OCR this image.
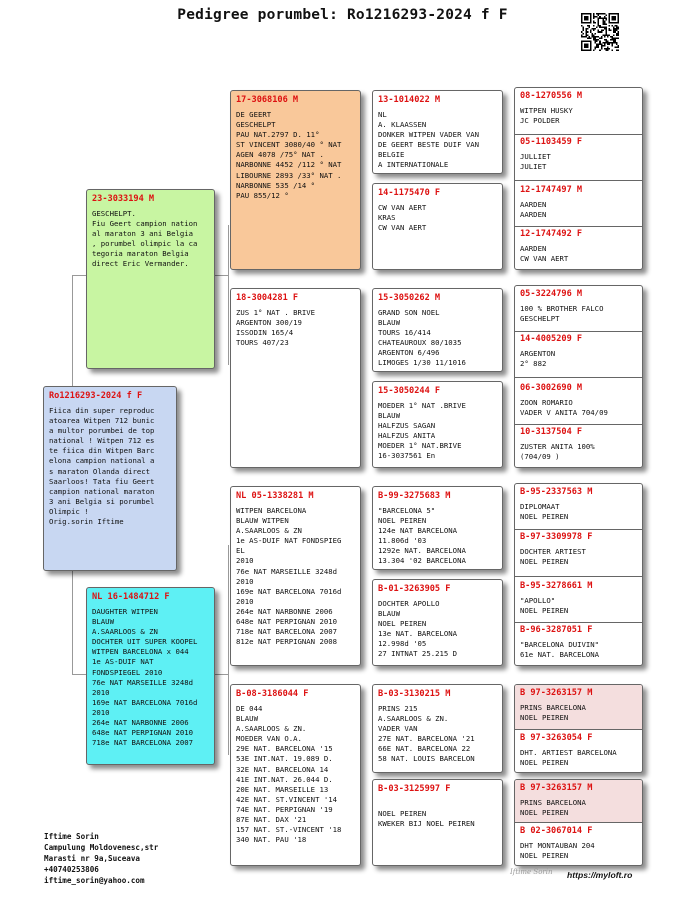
Pedigree porumbel: Ro1216293-2024 f F
Ro1216293-2024 f F
Fiica din super reproduc
atoarea Witpen 712 bunic
a multor porumbei de top
national ! Witpen 712 es
te fiica din Witpen Barc
elona campion national a
s maraton Olanda direct
Saarloos! Tata fiu Geert
campion national maraton
3 ani Belgia si porumbel
Olimpic !
Orig.sorin Iftime
23-3033194 M
GESCHELPT.
Fiu Geert campion nation
al maraton 3 ani Belgia
, porumbel olimpic la ca
tegoria maraton Belgia
direct Eric Vermander.
NL 16-1484712 F
DAUGHTER WITPEN
BLAUW
A.SAARLOOS & ZN
DOCHTER UIT SUPER KOOPEL
WITPEN BARCELONA x 044
1e AS-DUIF NAT
FONDSPIEGEL 2010
76e NAT MARSEILLE 3248d
2010
169e NAT BARCELONA 7016d
2010
264e NAT NARBONNE 2006
648e NAT PERPIGNAN 2010
718e NAT BARCELONA 2007
17-3068106 M
DE GEERT
GESCHELPT
PAU NAT.2797 D. 11°
ST VINCENT 3080/40 ° NAT
AGEN 4078 /75° NAT .
NARBONNE 4452 /112 ° NAT
LIBOURNE 2893 /33° NAT .
NARBONNE 535 /14 °
PAU 855/12 °
18-3004281 F
ZUS 1° NAT . BRIVE
ARGENTON 300/19
ISSODIN 165/4
TOURS 407/23
NL 05-1338281 M
WITPEN BARCELONA
BLAUW WITPEN
A.SAARLOOS & ZN
1e AS-DUIF NAT FONDSPIEG
EL
2010
76e NAT MARSEILLE 3248d
2010
169e NAT BARCELONA 7016d
2010
264e NAT NARBONNE 2006
648e NAT PERPIGNAN 2010
718e NAT BARCELONA 2007
812e NAT PERPIGNAN 2008
B-08-3186044 F
DE 044
BLAUW
A.SAARLOOS & ZN.
MOEDER VAN O.A.
29E NAT. BARCELONA '15
53E INT.NAT. 19.089 D.
32E NAT. BARCELONA 14
41E INT.NAT. 26.044 D.
20E NAT. MARSEILLE 13
42E NAT. ST.VINCENT '14
74E NAT. PERPIGNAN '19
87E NAT. DAX '21
157 NAT. ST.-VINCENT '18
340 NAT. PAU '18
13-1014022 M
NL
A. KLAASSEN
DONKER WITPEN VADER VAN
DE GEERT BESTE DUIF VAN
BELGIE
A INTERNATIONALE
14-1175470 F
CW VAN AERT
KRAS
CW VAN AERT
15-3050262 M
GRAND SON NOEL
BLAUW
TOURS 16/414
CHATEAUROUX 80/1035
ARGENTON 6/496
LIMOGES 1/30 11/1016
15-3050244 F
MOEDER 1° NAT .BRIVE
BLAUW
HALFZUS SAGAN
HALFZUS ANITA
MOEDER 1° NAT.BRIVE
16-3037561 En
B-99-3275683 M
"BARCELONA 5"
NOEL PEIREN
124e NAT BARCELONA
11.806d '03
1292e NAT. BARCELONA
13.304 '02 BARCELONA
B-01-3263905 F
DOCHTER APOLLO
BLAUW
NOEL PEIREN
13e NAT. BARCELONA
12.998d '05
27 INTNAT 25.215 D
B-03-3130215 M
PRINS 215
A.SAARLOOS & ZN.
VADER VAN
27E NAT. BARCELONA '21
66E NAT. BARCELONA 22
58 NAT. LOUIS BARCELON
B-03-3125997 F

NOEL PEIREN
KWEKER BIJ NOEL PEIREN
08-1270556 M
WITPEN HUSKY
JC POLDER
05-1103459 F
JULLIET
JULIET
12-1747497 M
AARDEN
AARDEN
12-1747492 F
AARDEN
CW VAN AERT
05-3224796 M
100 % BROTHER FALCO
GESCHELPT
14-4005209 F
ARGENTON
2° 882
06-3002690 M
ZOON ROMARIO
VADER V ANITA 704/09
10-3137504 F
ZUSTER ANITA 100%
(704/09 )
B-95-2337563 M
DIPLOMAAT
NOEL PEIREN
B-97-3309978 F
DOCHTER ARTIEST
NOEL PEIREN
B-95-3278661 M
"APOLLO"
NOEL PEIREN
B-96-3287051 F
"BARCELONA DUIVIN"
61e NAT. BARCELONA
B 97-3263157 M
PRINS BARCELONA
NOEL PEIREN
B 97-3263054 F
DHT. ARTIEST BARCELONA
NOEL PEIREN
B 97-3263157 M
PRINS BARCELONA
NOEL PEIREN
B 02-3067014 F
DHT MONTAUBAN 204
NOEL PEIREN
Iftime Sorin
Campulung Moldovenesc,str
Marasti nr 9a,Suceava
+40740253806
iftime_sorin@yahoo.com
Iftime Sorin https://myloft.ro
